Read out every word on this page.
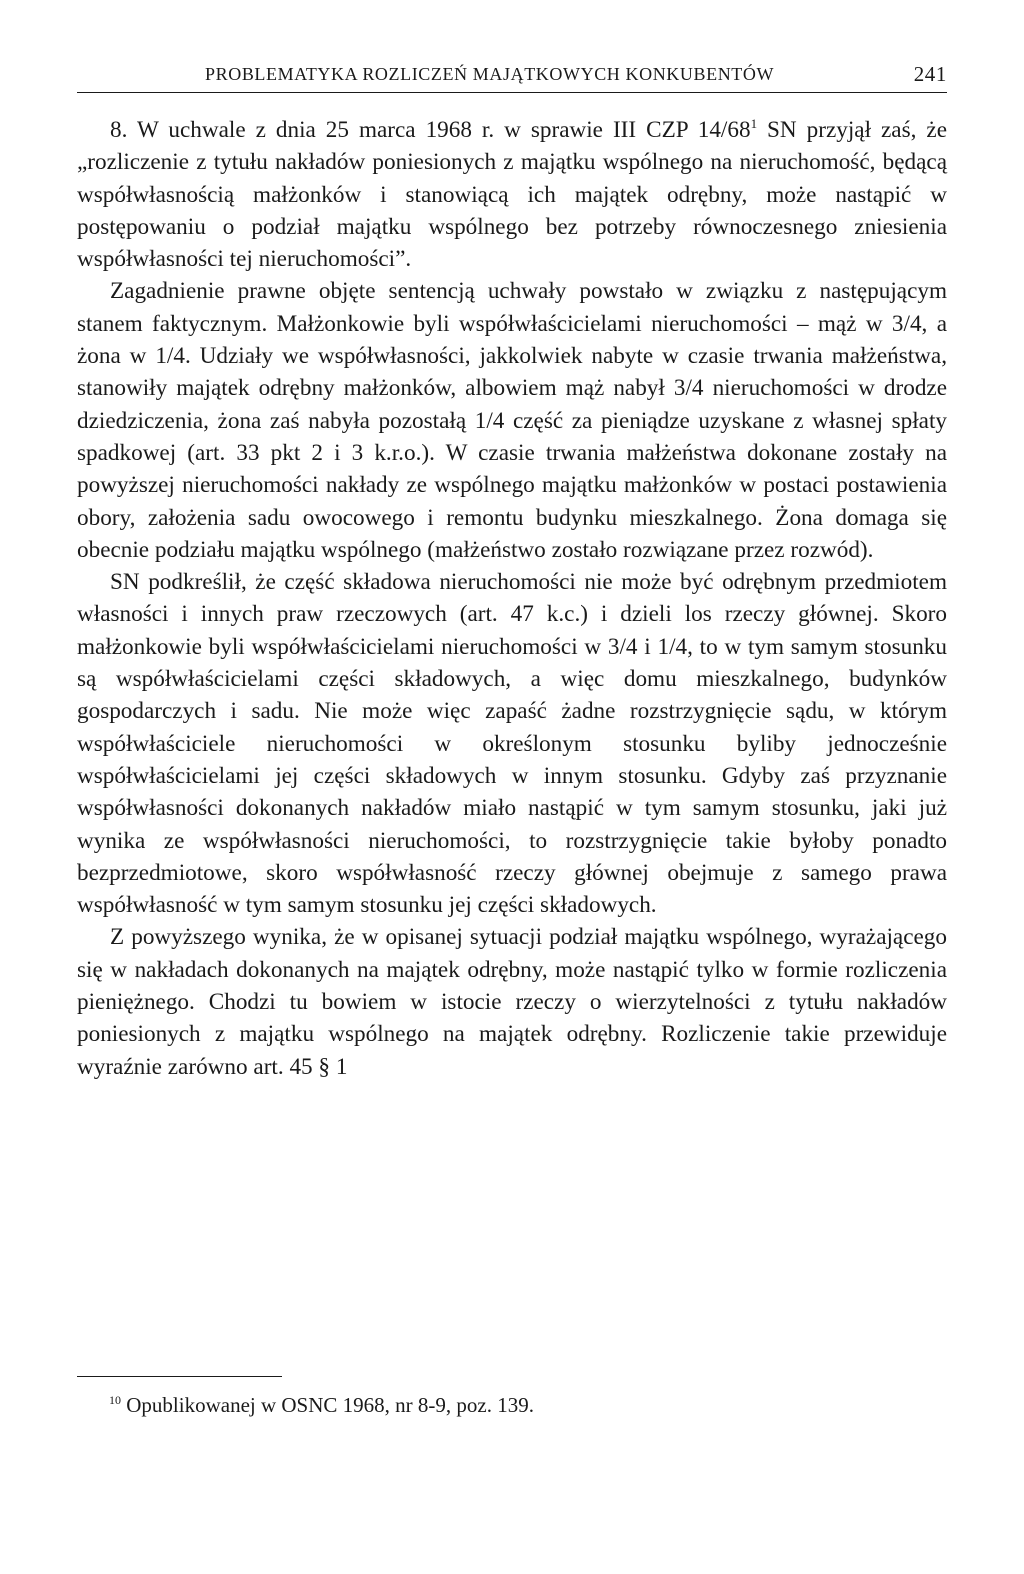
PROBLEMATYKA ROZLICZEŃ MAJĄTKOWYCH KONKUBENTÓW	241

8. W uchwale z dnia 25 marca 1968 r. w sprawie III CZP $14/68^1$ SN przyjął zaś, że „rozliczenie z tytułu nakładów poniesionych z majątku wspólnego na nieruchomość, będącą współwłasnością małżonków i stanowiącą ich majątek odrębny, może nastąpić w postępowaniu o podział majątku wspólnego bez potrzeby równoczesnego zniesienia współwłasności tej nieruchomości”.

Zagadnienie prawne objęte sentencją uchwały powstało w związku z następującym stanem faktycznym. Małżonkowie byli współwłaścicielami nieruchomości – mąż w 3/4, a żona w 1/4. Udziały we współwłasności, jakkolwiek nabyte w czasie trwania małżeństwa, stanowiły majątek odrębny małżonków, albowiem mąż nabył 3/4 nieruchomości w drodze dziedziczenia, żona zaś nabyła pozostałą 1/4 część za pieniądze uzyskane z własnej spłaty spadkowej (art. 33 pkt 2 i 3 k.r.o.). W czasie trwania małżeństwa dokonane zostały na powyższej nieruchomości nakłady ze wspólnego majątku małżonków w postaci postawienia obory, założenia sadu owocowego i remontu budynku mieszkalnego. Żona domaga się obecnie podziału majątku wspólnego (małżeństwo zostało rozwiązane przez rozwód).

SN podkreślił, że część składowa nieruchomości nie może być odrębnym przedmiotem własności i innych praw rzeczowych (art. 47 k.c.) i dzieli los rzeczy głównej. Skoro małżonkowie byli współwłaścicielami nieruchomości w 3/4 i 1/4, to w tym samym stosunku są współwłaścicielami części składowych, a więc domu mieszkalnego, budynków gospodarczych i sadu. Nie może więc zapaść żadne rozstrzygnięcie sądu, w którym współwłaściciele nieruchomości w określonym stosunku byliby jednocześnie współwłaścicielami jej części składowych w innym stosunku. Gdyby zaś przyznanie współwłasności dokonanych nakładów miało nastąpić w tym samym stosunku, jaki już wynika ze współwłasności nieruchomości, to rozstrzygnięcie takie byłoby ponadto bezprzedmiotowe, skoro współwłasność rzeczy głównej obejmuje z samego prawa współwłasność w tym samym stosunku jej części składowych.

Z powyższego wynika, że w opisanej sytuacji podział majątku wspólnego, wyrażającego się w nakładach dokonanych na majątek odrębny, może nastąpić tylko w formie rozliczenia pieniężnego. Chodzi tu bowiem w istocie rzeczy o wierzytelności z tytułu nakładów poniesionych z majątku wspólnego na majątek odrębny. Rozliczenie takie przewiduje wyraźnie zarówno art. 45 § 1

$^{10}$ Opublikowanej w OSNC 1968, nr 8-9, poz. 139.
